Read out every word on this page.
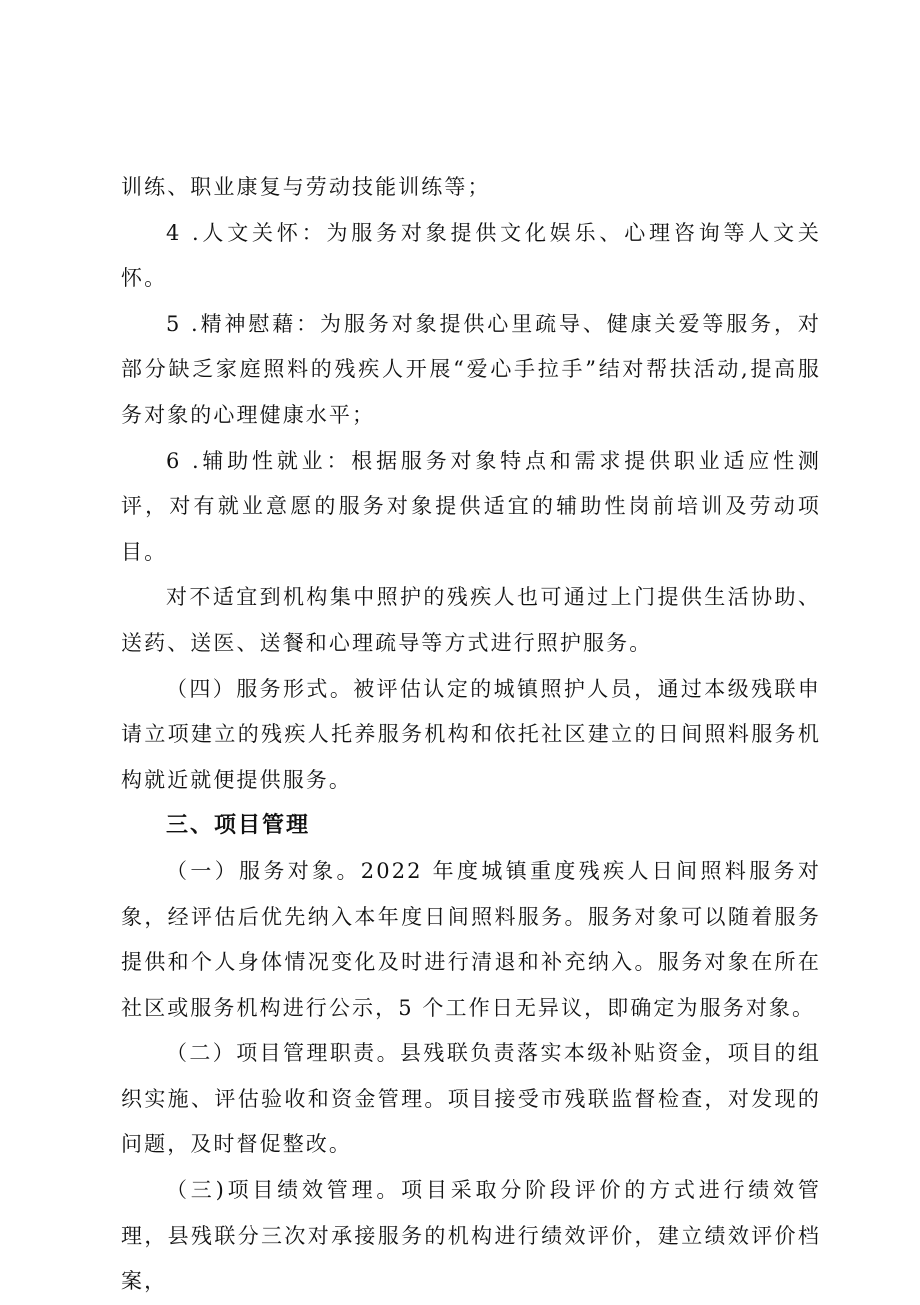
训练、职业康复与劳动技能训练等；

4 .人文关怀：为服务对象提供文化娱乐、心理咨询等人文关怀。

5 .精神慰藉：为服务对象提供心里疏导、健康关爱等服务，对部分缺乏家庭照料的残疾人开展“爱心手拉手”结对帮扶活动,提高服务对象的心理健康水平；

6 .辅助性就业：根据服务对象特点和需求提供职业适应性测评，对有就业意愿的服务对象提供适宜的辅助性岗前培训及劳动项目。

对不适宜到机构集中照护的残疾人也可通过上门提供生活协助、送药、送医、送餐和心理疏导等方式进行照护服务。

（四）服务形式。被评估认定的城镇照护人员，通过本级残联申请立项建立的残疾人托养服务机构和依托社区建立的日间照料服务机构就近就便提供服务。

三、项目管理

（一）服务对象。2022 年度城镇重度残疾人日间照料服务对象，经评估后优先纳入本年度日间照料服务。服务对象可以随着服务提供和个人身体情况变化及时进行清退和补充纳入。服务对象在所在社区或服务机构进行公示，5 个工作日无异议，即确定为服务对象。

（二）项目管理职责。县残联负责落实本级补贴资金，项目的组织实施、评估验收和资金管理。项目接受市残联监督检查，对发现的问题，及时督促整改。

（三)项目绩效管理。项目采取分阶段评价的方式进行绩效管理，县残联分三次对承接服务的机构进行绩效评价，建立绩效评价档案，
